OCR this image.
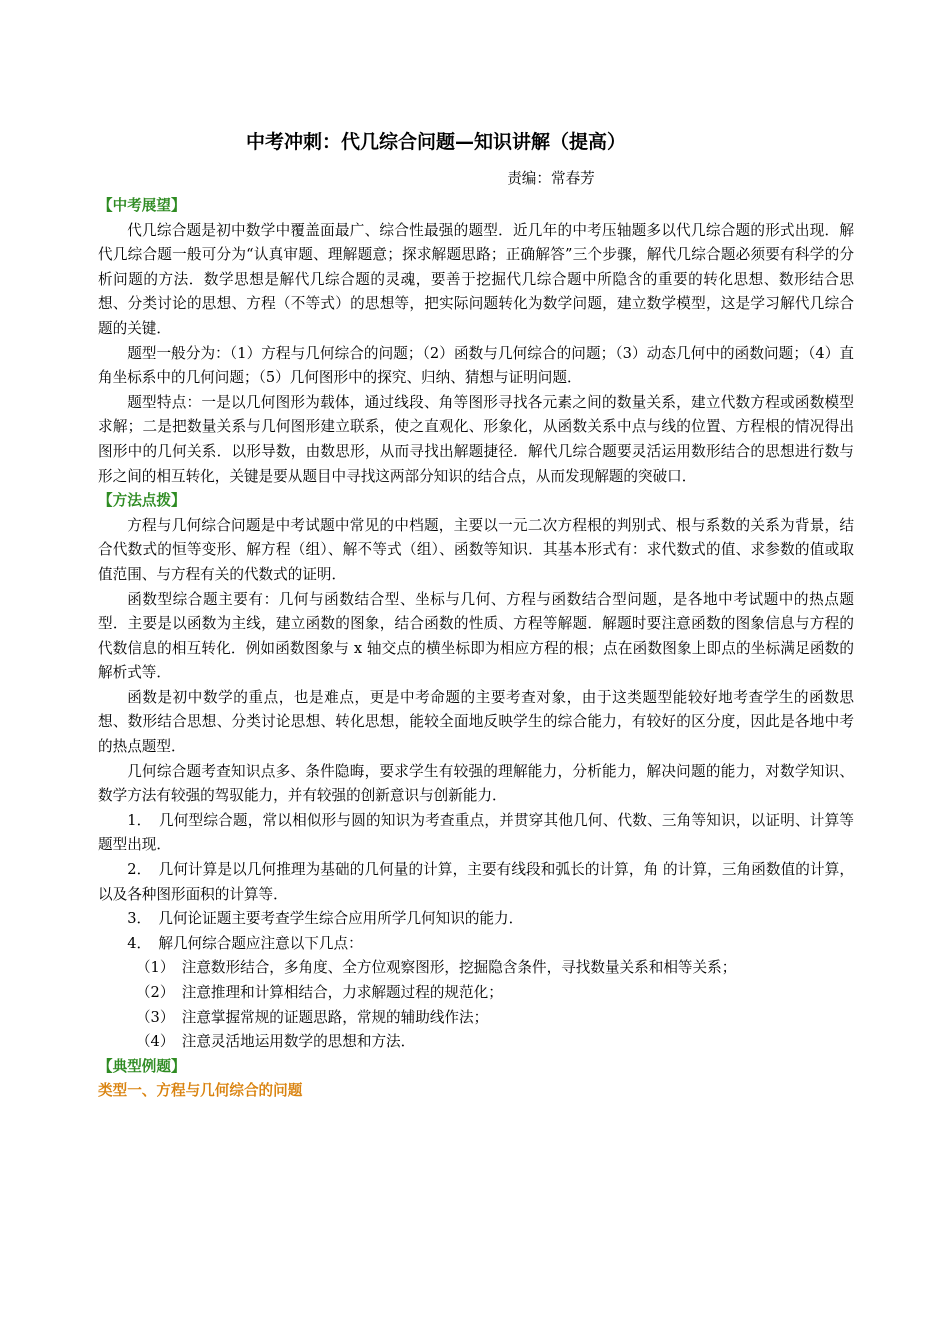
中考冲刺：代几综合问题—知识讲解（提高）
责编：常春芳
【中考展望】

代几综合题是初中数学中覆盖面最广、综合性最强的题型．近几年的中考压轴题多以代几综合题的形式出现．解代几综合题一般可分为“认真审题、理解题意；探求解题思路；正确解答”三个步骤，解代几综合题必须要有科学的分析问题的方法．数学思想是解代几综合题的灵魂，要善于挖掘代几综合题中所隐含的重要的转化思想、数形结合思想、分类讨论的思想、方程（不等式）的思想等，把实际问题转化为数学问题，建立数学模型，这是学习解代几综合题的关键．

题型一般分为：（1）方程与几何综合的问题；（2）函数与几何综合的问题；（3）动态几何中的函数问题；（4）直角坐标系中的几何问题；（5）几何图形中的探究、归纳、猜想与证明问题．

题型特点：一是以几何图形为载体，通过线段、角等图形寻找各元素之间的数量关系，建立代数方程或函数模型求解；二是把数量关系与几何图形建立联系，使之直观化、形象化，从函数关系中点与线的位置、方程根的情况得出图形中的几何关系．以形导数，由数思形，从而寻找出解题捷径．解代几综合题要灵活运用数形结合的思想进行数与形之间的相互转化，关键是要从题目中寻找这两部分知识的结合点，从而发现解题的突破口．

【方法点拨】

方程与几何综合问题是中考试题中常见的中档题，主要以一元二次方程根的判别式、根与系数的关系为背景，结合代数式的恒等变形、解方程（组）、解不等式（组）、函数等知识．其基本形式有：求代数式的值、求参数的值或取值范围、与方程有关的代数式的证明．

函数型综合题主要有：几何与函数结合型、坐标与几何、方程与函数结合型问题，是各地中考试题中的热点题型．主要是以函数为主线，建立函数的图象，结合函数的性质、方程等解题．解题时要注意函数的图象信息与方程的代数信息的相互转化．例如函数图象与 x 轴交点的横坐标即为相应方程的根；点在函数图象上即点的坐标满足函数的解析式等．

函数是初中数学的重点，也是难点，更是中考命题的主要考查对象，由于这类题型能较好地考查学生的函数思想、数形结合思想、分类讨论思想、转化思想，能较全面地反映学生的综合能力，有较好的区分度，因此是各地中考的热点题型．

几何综合题考查知识点多、条件隐晦，要求学生有较强的理解能力，分析能力，解决问题的能力，对数学知识、数学方法有较强的驾驭能力，并有较强的创新意识与创新能力．

1．　几何型综合题，常以相似形与圆的知识为考查重点，并贯穿其他几何、代数、三角等知识，以证明、计算等题型出现．

2．　几何计算是以几何推理为基础的几何量的计算，主要有线段和弧长的计算，角 的计算，三角函数值的计算，以及各种图形面积的计算等．

3．　几何论证题主要考查学生综合应用所学几何知识的能力．

4．　解几何综合题应注意以下几点：

（1）　注意数形结合，多角度、全方位观察图形，挖掘隐含条件，寻找数量关系和相等关系；

（2）　注意推理和计算相结合，力求解题过程的规范化；

（3）　注意掌握常规的证题思路，常规的辅助线作法；

（4）　注意灵活地运用数学的思想和方法．

【典型例题】
类型一、方程与几何综合的问题
